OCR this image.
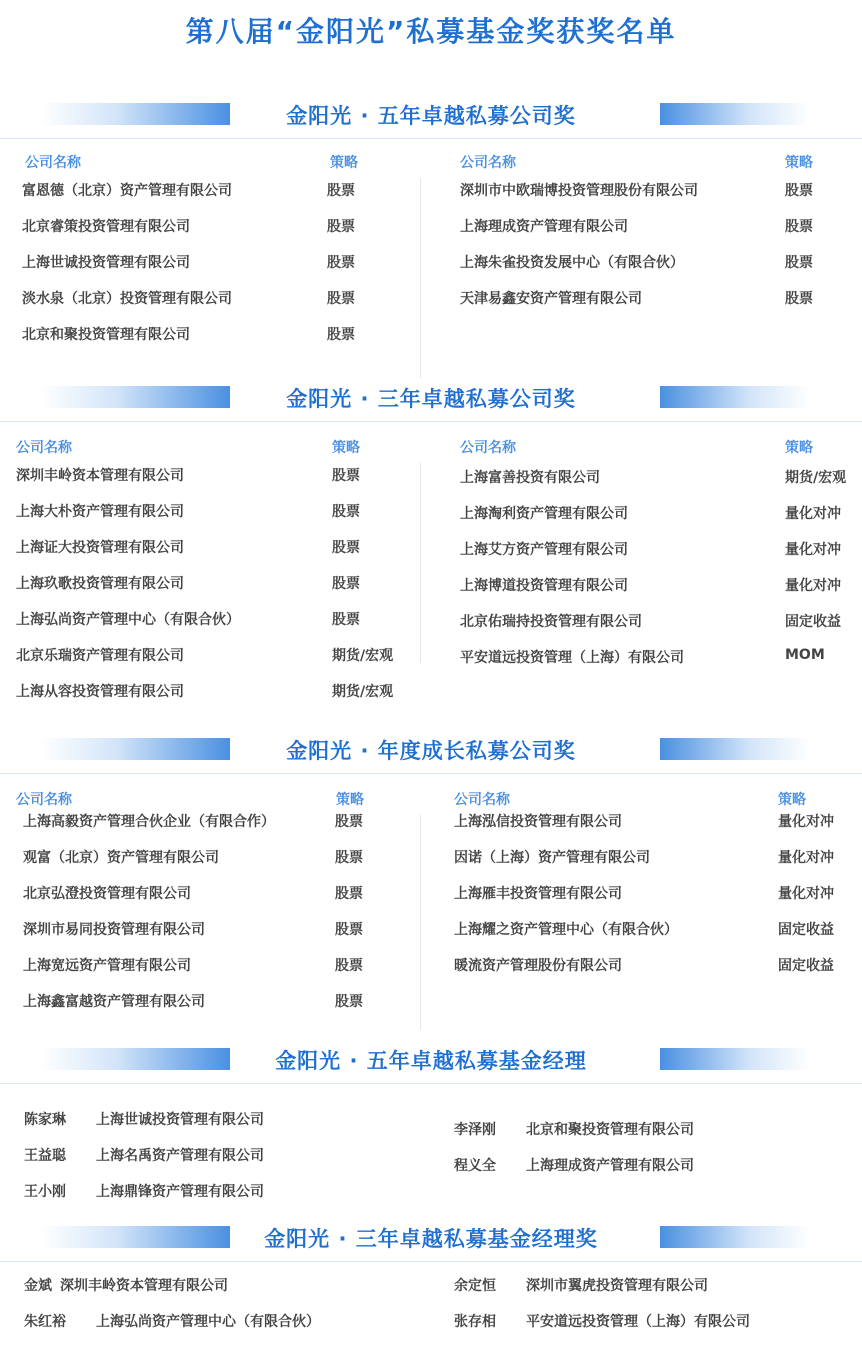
第八届“金阳光”私募基金奖获奖名单
金阳光 · 五年卓越私募公司奖
公司名称	策略	公司名称	策略
富恩德（北京）资产管理有限公司	股票
北京睿策投资管理有限公司	股票
上海世诚投资管理有限公司	股票
淡水泉（北京）投资管理有限公司	股票
北京和聚投资管理有限公司	股票
深圳市中欧瑞博投资管理股份有限公司	股票
上海理成资产管理有限公司	股票
上海朱雀投资发展中心（有限合伙）	股票
天津易鑫安资产管理有限公司	股票
金阳光 · 三年卓越私募公司奖
公司名称	策略	公司名称	策略
深圳丰岭资本管理有限公司	股票
上海大朴资产管理有限公司	股票
上海证大投资管理有限公司	股票
上海玖歌投资管理有限公司	股票
上海弘尚资产管理中心（有限合伙）	股票
北京乐瑞资产管理有限公司	期货/宏观
上海从容投资管理有限公司	期货/宏观
上海富善投资有限公司	期货/宏观
上海淘利资产管理有限公司	量化对冲
上海艾方资产管理有限公司	量化对冲
上海博道投资管理有限公司	量化对冲
北京佑瑞持投资管理有限公司	固定收益
平安道远投资管理（上海）有限公司	MOM
金阳光 · 年度成长私募公司奖
公司名称	策略	公司名称	策略
上海高毅资产管理合伙企业（有限合作）	股票
观富（北京）资产管理有限公司	股票
北京弘澄投资管理有限公司	股票
深圳市易同投资管理有限公司	股票
上海宽远资产管理有限公司	股票
上海鑫富越资产管理有限公司	股票
上海泓信投资管理有限公司	量化对冲
因诺（上海）资产管理有限公司	量化对冲
上海雁丰投资管理有限公司	量化对冲
上海耀之资产管理中心（有限合伙）	固定收益
暖流资产管理股份有限公司	固定收益
金阳光 · 五年卓越私募基金经理
陈家琳 上海世诚投资管理有限公司
王益聪 上海名禹资产管理有限公司
王小刚 上海鼎锋资产管理有限公司
李泽刚 北京和聚投资管理有限公司
程义全 上海理成资产管理有限公司
金阳光 · 三年卓越私募基金经理奖
金斌 深圳丰岭资本管理有限公司
朱红裕 上海弘尚资产管理中心（有限合伙）
余定恒 深圳市翼虎投资管理有限公司
张存相 平安道远投资管理（上海）有限公司
